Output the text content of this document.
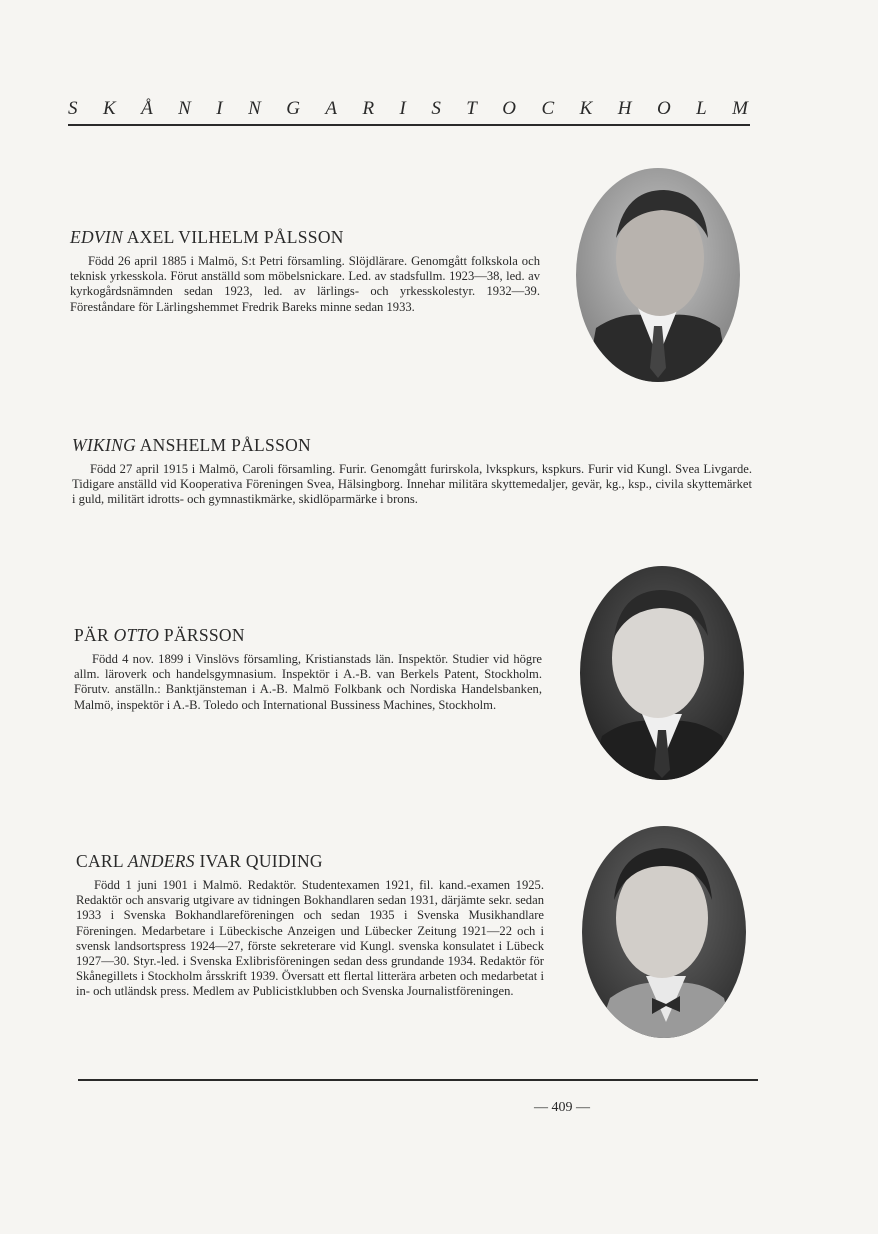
S K Å N I N G A R I S T O C K H O L M

EDVIN AXEL VILHELM PÅLSSON

Född 26 april 1885 i Malmö, S:t Petri församling. Slöjdlärare. Genomgått folkskola och teknisk yrkesskola. Förut anställd som möbelsnickare. Led. av stadsfullm. 1923—38, led. av kyrkogårdsnämnden sedan 1923, led. av lärlings- och yrkesskolestyr. 1932—39. Föreståndare för Lärlingshemmet Fredrik Bareks minne sedan 1933.

WIKING ANSHELM PÅLSSON

Född 27 april 1915 i Malmö, Caroli församling. Furir. Genomgått furirskola, lvkspkurs, kspkurs. Furir vid Kungl. Svea Livgarde. Tidigare anställd vid Kooperativa Föreningen Svea, Hälsingborg. Innehar militära skyttemedaljer, gevär, kg., ksp., civila skyttemärket i guld, militärt idrotts- och gymnastikmärke, skidlöparmärke i brons.

PÄR OTTO PÄRSSON

Född 4 nov. 1899 i Vinslövs församling, Kristianstads län. Inspektör. Studier vid högre allm. läroverk och handelsgymnasium. Inspektör i A.-B. van Berkels Patent, Stockholm. Förutv. anställn.: Banktjänsteman i A.-B. Malmö Folkbank och Nordiska Handelsbanken, Malmö, inspektör i A.-B. Toledo och International Bussiness Machines, Stockholm.

CARL ANDERS IVAR QUIDING

Född 1 juni 1901 i Malmö. Redaktör. Studentexamen 1921, fil. kand.-examen 1925. Redaktör och ansvarig utgivare av tidningen Bokhandlaren sedan 1931, därjämte sekr. sedan 1933 i Svenska Bokhandlareföreningen och sedan 1935 i Svenska Musikhandlare Föreningen. Medarbetare i Lübeckische Anzeigen und Lübecker Zeitung 1921—22 och i svensk landsortspress 1924—27, förste sekreterare vid Kungl. svenska konsulatet i Lübeck 1927—30. Styr.-led. i Svenska Exlibrisföreningen sedan dess grundande 1934. Redaktör för Skånegillets i Stockholm årsskrift 1939. Översatt ett flertal litterära arbeten och medarbetat i in- och utländsk press. Medlem av Publicistklubben och Svenska Journalistföreningen.

— 409 —
